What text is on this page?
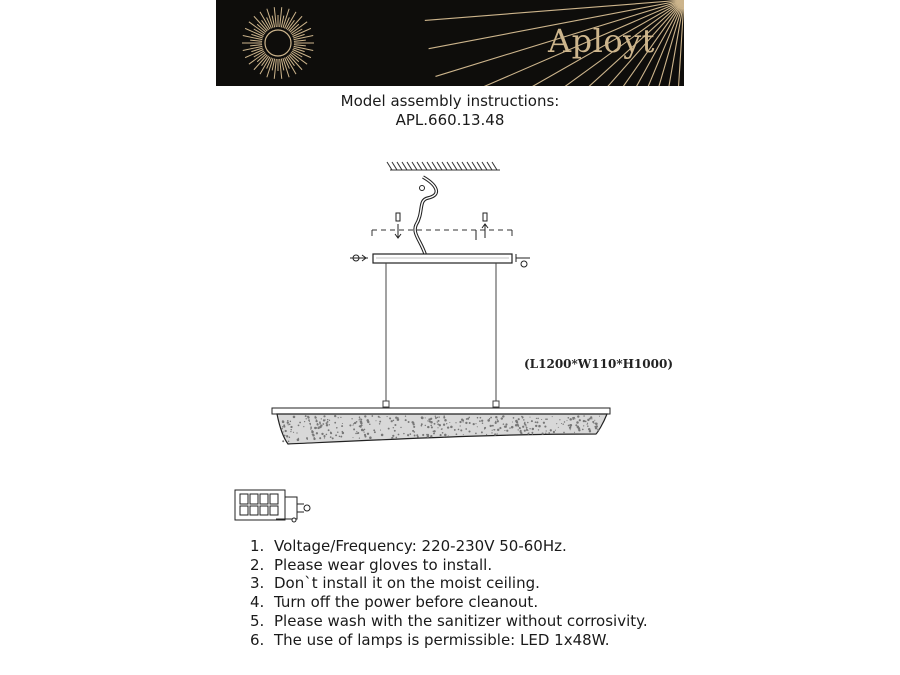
Aployt
Model assembly instructions:
APL.660.13.48
(L1200*W110*H1000)
1. Voltage/Frequency: 220-230V 50-60Hz.
2. Please wear gloves to install.
3. Don`t install it on the moist ceiling.
4. Turn off the power before cleanout.
5. Please wash with the sanitizer without corrosivity.
6. The use of lamps is permissible: LED 1x48W.
